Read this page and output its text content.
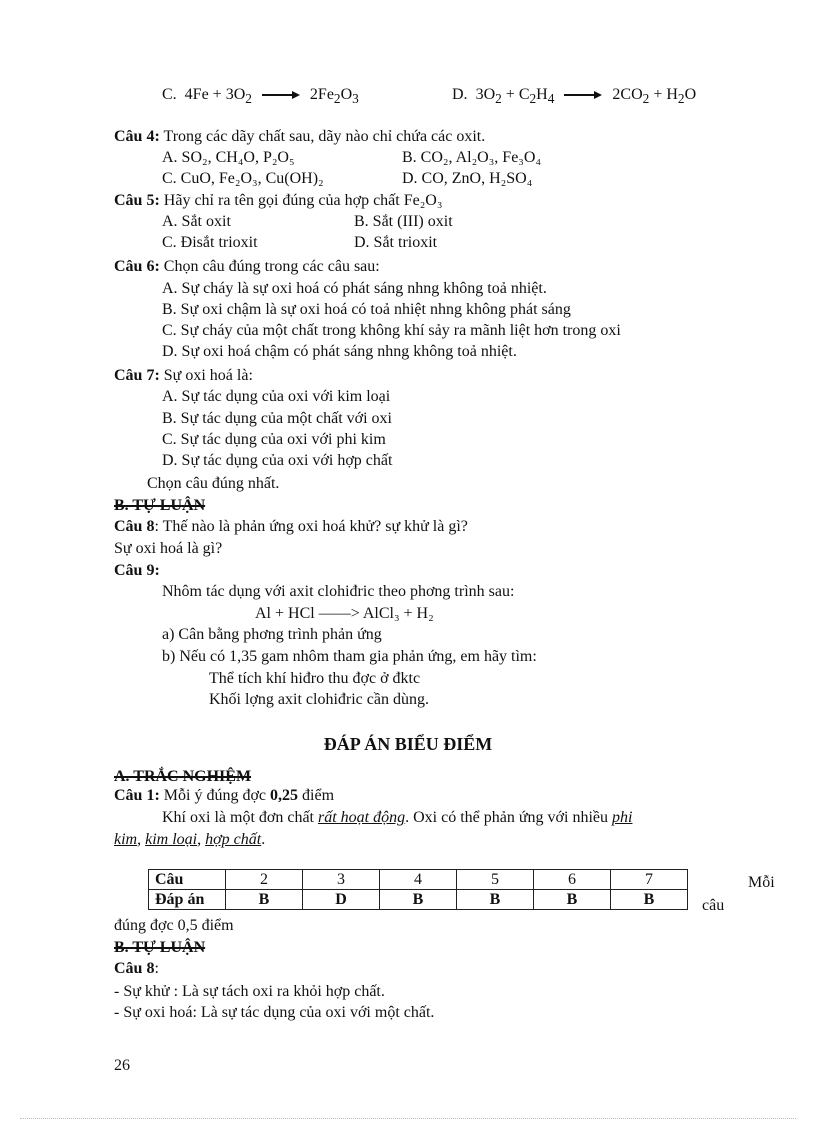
C. $4Fe + 3O_2 \to 2Fe_2O_3$	D. $3O_2 + C_2H_4 \to 2CO_2 + H_2O$
Câu 4: Trong các dãy chất sau, dãy nào chỉ chứa các oxit.
A. SO₂, CH₄O, P₂O₅	B. CO₂, Al₂O₃, Fe₃O₄
C. CuO, Fe₂O₃, Cu(OH)₂	D. CO, ZnO, H₂SO₄
Câu 5: Hãy chỉ ra tên gọi đúng của hợp chất Fe₂O₃
A. Sắt oxit	B. Sắt (III) oxit
C. Đisắt trioxit	D. Sắt trioxit
Câu 6: Chọn câu đúng trong các câu sau:
A. Sự cháy là sự oxi hoá có phát sáng nhng không toả nhiệt.
B. Sự oxi chậm là sự oxi hoá có toả nhiệt nhng không phát sáng
C. Sự cháy của một chất trong không khí sảy ra mãnh liệt hơn trong oxi
D. Sự oxi hoá chậm có phát sáng nhng không toả nhiệt.
Câu 7: Sự oxi hoá là:
A. Sự tác dụng của oxi với kim loại
B. Sự tác dụng của một chất với oxi
C. Sự tác dụng của oxi với phi kim
D. Sự tác dụng của oxi với hợp chất
Chọn câu đúng nhất.
B. TỰ LUẬN
Câu 8: Thế nào là phản ứng oxi hoá khử? sự khử là gì?
Sự oxi hoá là gì?
Câu 9:
Nhôm tác dụng với axit clohiđric theo phơng trình sau:
Al + HCl ——> AlCl₃ + H₂
a) Cân bằng phơng trình phản ứng
b) Nếu có 1,35 gam nhôm tham gia phản ứng, em hãy tìm:
Thể tích khí hiđro thu đợc ở đktc
Khối lợng axit clohiđric cần dùng.
ĐÁP ÁN BIỂU ĐIỂM
A. TRẮC NGHIỆM
Câu 1: Mỗi ý đúng đợc 0,25 điểm
Khí oxi là một đơn chất rất hoạt động. Oxi có thể phản ứng với nhiều phi
kim, kim loại, hợp chất.
Câu	2	3	4	5	6	7
Đáp án	B	D	B	B	B	B
Mỗi
câu
đúng đợc 0,5 điểm
B. TỰ LUẬN
Câu 8:
- Sự khử : Là sự tách oxi ra khỏi hợp chất.
- Sự oxi hoá: Là sự tác dụng của oxi với một chất.
26
